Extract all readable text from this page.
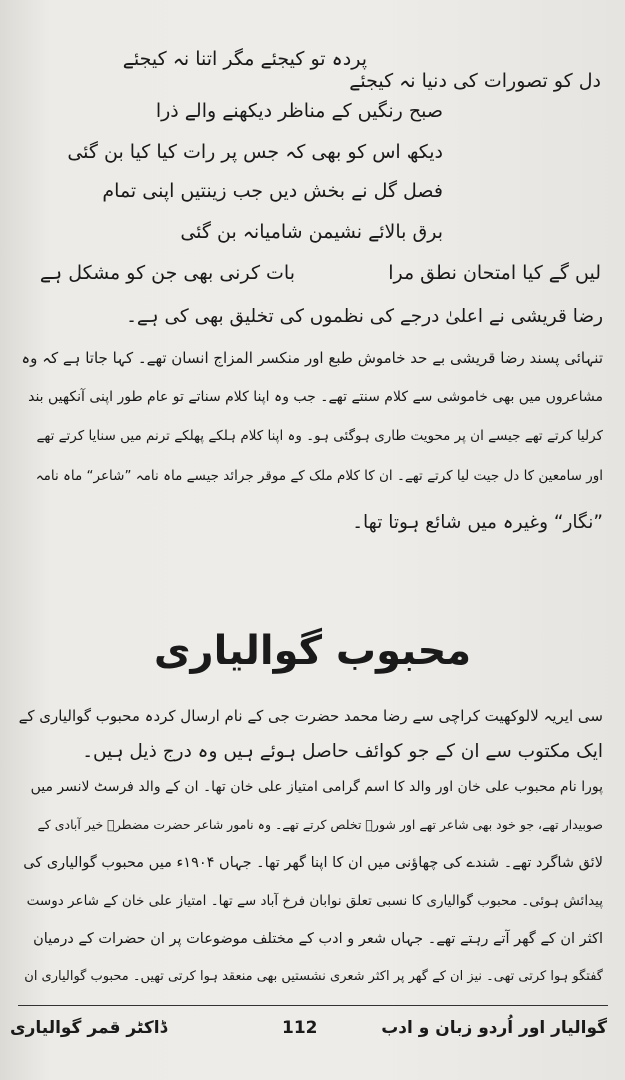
دل کو تصورات کی دنیا نہ کیجئے
پردہ تو کیجئے مگر اتنا نہ کیجئے
صبح رنگیں کے مناظر دیکھنے والے ذرا
دیکھ اس کو بھی کہ جس پر رات کیا کیا بن گئی
فصل گل نے بخش دیں جب زینتیں اپنی تمام
برق بالائے نشیمن شامیانہ بن گئی
لیں گے کیا امتحان نطق مرا
بات کرنی بھی جن کو مشکل ہے
رضا قریشی نے اعلیٰ درجے کی نظموں کی تخلیق بھی کی ہے۔
تنہائی پسند رضا قریشی بے حد خاموش طبع اور منکسر المزاج انسان تھے۔ کہا جاتا ہے کہ وہ
مشاعروں میں بھی خاموشی سے کلام سنتے تھے۔ جب وہ اپنا کلام سناتے تو عام طور اپنی آنکھیں بند
کرلیا کرتے تھے جیسے ان پر محویت طاری ہوگئی ہو۔ وہ اپنا کلام ہلکے پھلکے ترنم میں سنایا کرتے تھے
اور سامعین کا دل جیت لیا کرتے تھے۔ ان کا کلام ملک کے موقر جرائد جیسے ماہ نامہ ”شاعر“ ماہ نامہ
”نگار“ وغیرہ میں شائع ہوتا تھا۔
محبوب گوالیاری
سی ایریہ لالوکھیت کراچی سے رضا محمد حضرت جی کے نام ارسال کردہ محبوب گوالیاری کے
ایک مکتوب سے ان کے جو کوائف حاصل ہوئے ہیں وہ درج ذیل ہیں۔
پورا نام محبوب علی خان اور والد کا اسم گرامی امتیاز علی خان تھا۔ ان کے والد فرسٹ لانسر میں
صوبیدار تھے، جو خود بھی شاعر تھے اور شورؔ تخلص کرتے تھے۔ وہ نامور شاعر حضرت مضطرؔ خیر آبادی کے
لائق شاگرد تھے۔ شندے کی چھاؤنی میں ان کا اپنا گھر تھا۔ جہاں ۱۹۰۴ء میں محبوب گوالیاری کی
پیدائش ہوئی۔ محبوب گوالیاری کا نسبی تعلق نوابان فرخ آباد سے تھا۔ امتیاز علی خان کے شاعر دوست
اکثر ان کے گھر آتے رہتے تھے۔ جہاں شعر و ادب کے مختلف موضوعات پر ان حضرات کے درمیان
گفتگو ہوا کرتی تھی۔ نیز ان کے گھر پر اکثر شعری نشستیں بھی منعقد ہوا کرتی تھیں۔ محبوب گوالیاری ان
ڈاکٹر قمر گوالیاری	112	گوالیار اور اُردو زبان و ادب
